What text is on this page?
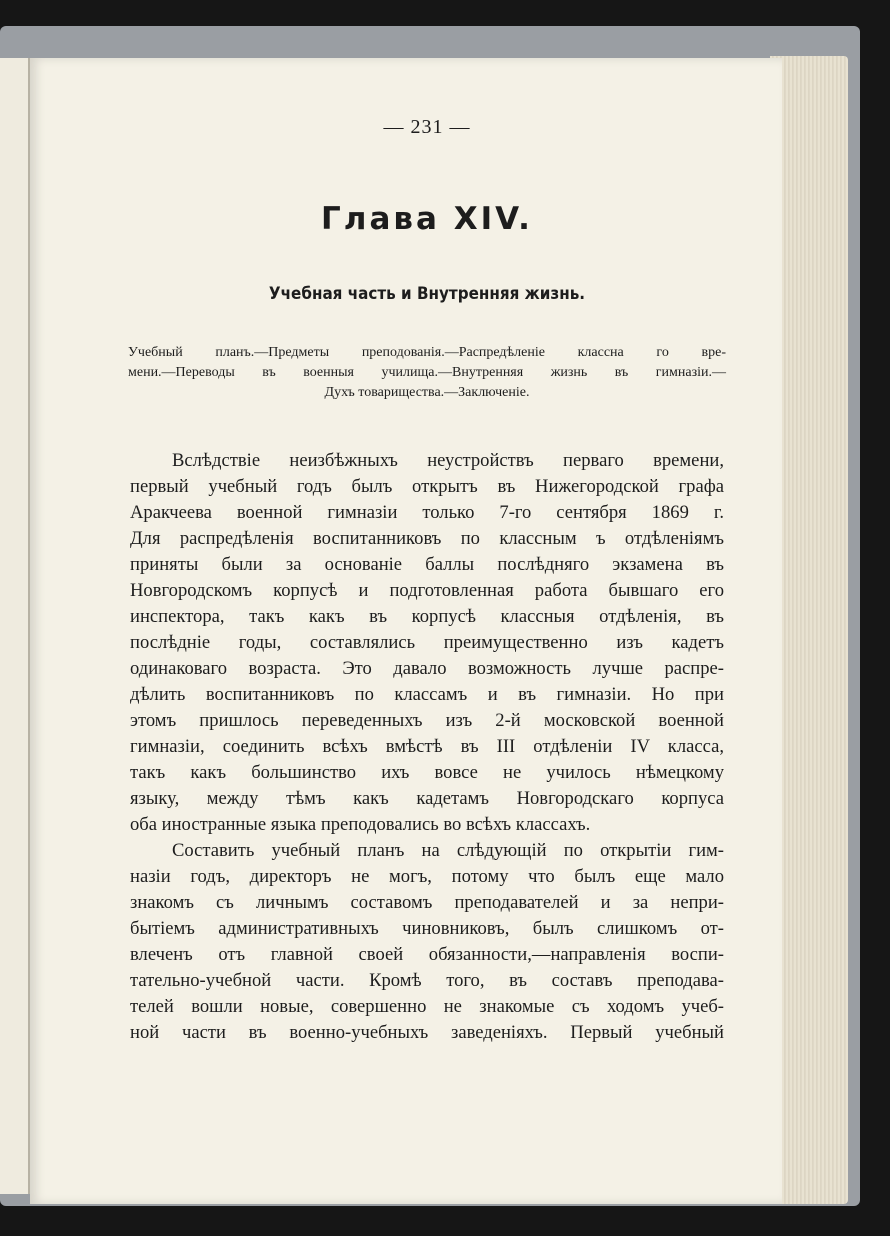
— 231 —
Глава XIV.
Учебная часть и Внутренняя жизнь.
Учебный планъ.—Предметы преподованія.—Распредѣленіе классна го вре-
мени.—Переводы въ военныя училища.—Внутренняя жизнь въ гимназіи.—
Духъ товарищества.—Заключеніе.
Вслѣдствіе неизбѣжныхъ неустройствъ перваго времени,
первый учебный годъ былъ открытъ въ Нижегородской графа
Аракчеева военной гимназіи только 7-го сентября 1869 г.
Для распредѣленія воспитанниковъ по классным ъ отдѣленіямъ
приняты были за основаніе баллы послѣдняго экзамена въ
Новгородскомъ корпусѣ и подготовленная работа бывшаго его
инспектора, такъ какъ въ корпусѣ классныя отдѣленія, въ
послѣдніе годы, составлялись преимущественно изъ кадетъ
одинаковаго возраста. Это давало возможность лучше распре-
дѣлить воспитанниковъ по классамъ и въ гимназіи. Но при
этомъ пришлось переведенныхъ изъ 2-й московской военной
гимназіи, соединить всѣхъ вмѣстѣ въ III отдѣленіи IV класса,
такъ какъ большинство ихъ вовсе не училось нѣмецкому
языку, между тѣмъ какъ кадетамъ Новгородскаго корпуса
оба иностранные языка преподовались во всѣхъ классахъ.
Составить учебный планъ на слѣдующій по открытіи гим-
назіи годъ, директоръ не могъ, потому что былъ еще мало
знакомъ съ личнымъ составомъ преподавателей и за непри-
бытіемъ административныхъ чиновниковъ, былъ слишкомъ от-
влеченъ отъ главной своей обязанности,—направленія воспи-
тательно-учебной части. Кромѣ того, въ составъ преподава-
телей вошли новые, совершенно не знакомые съ ходомъ учеб-
ной части въ военно-учебныхъ заведеніяхъ. Первый учебный
